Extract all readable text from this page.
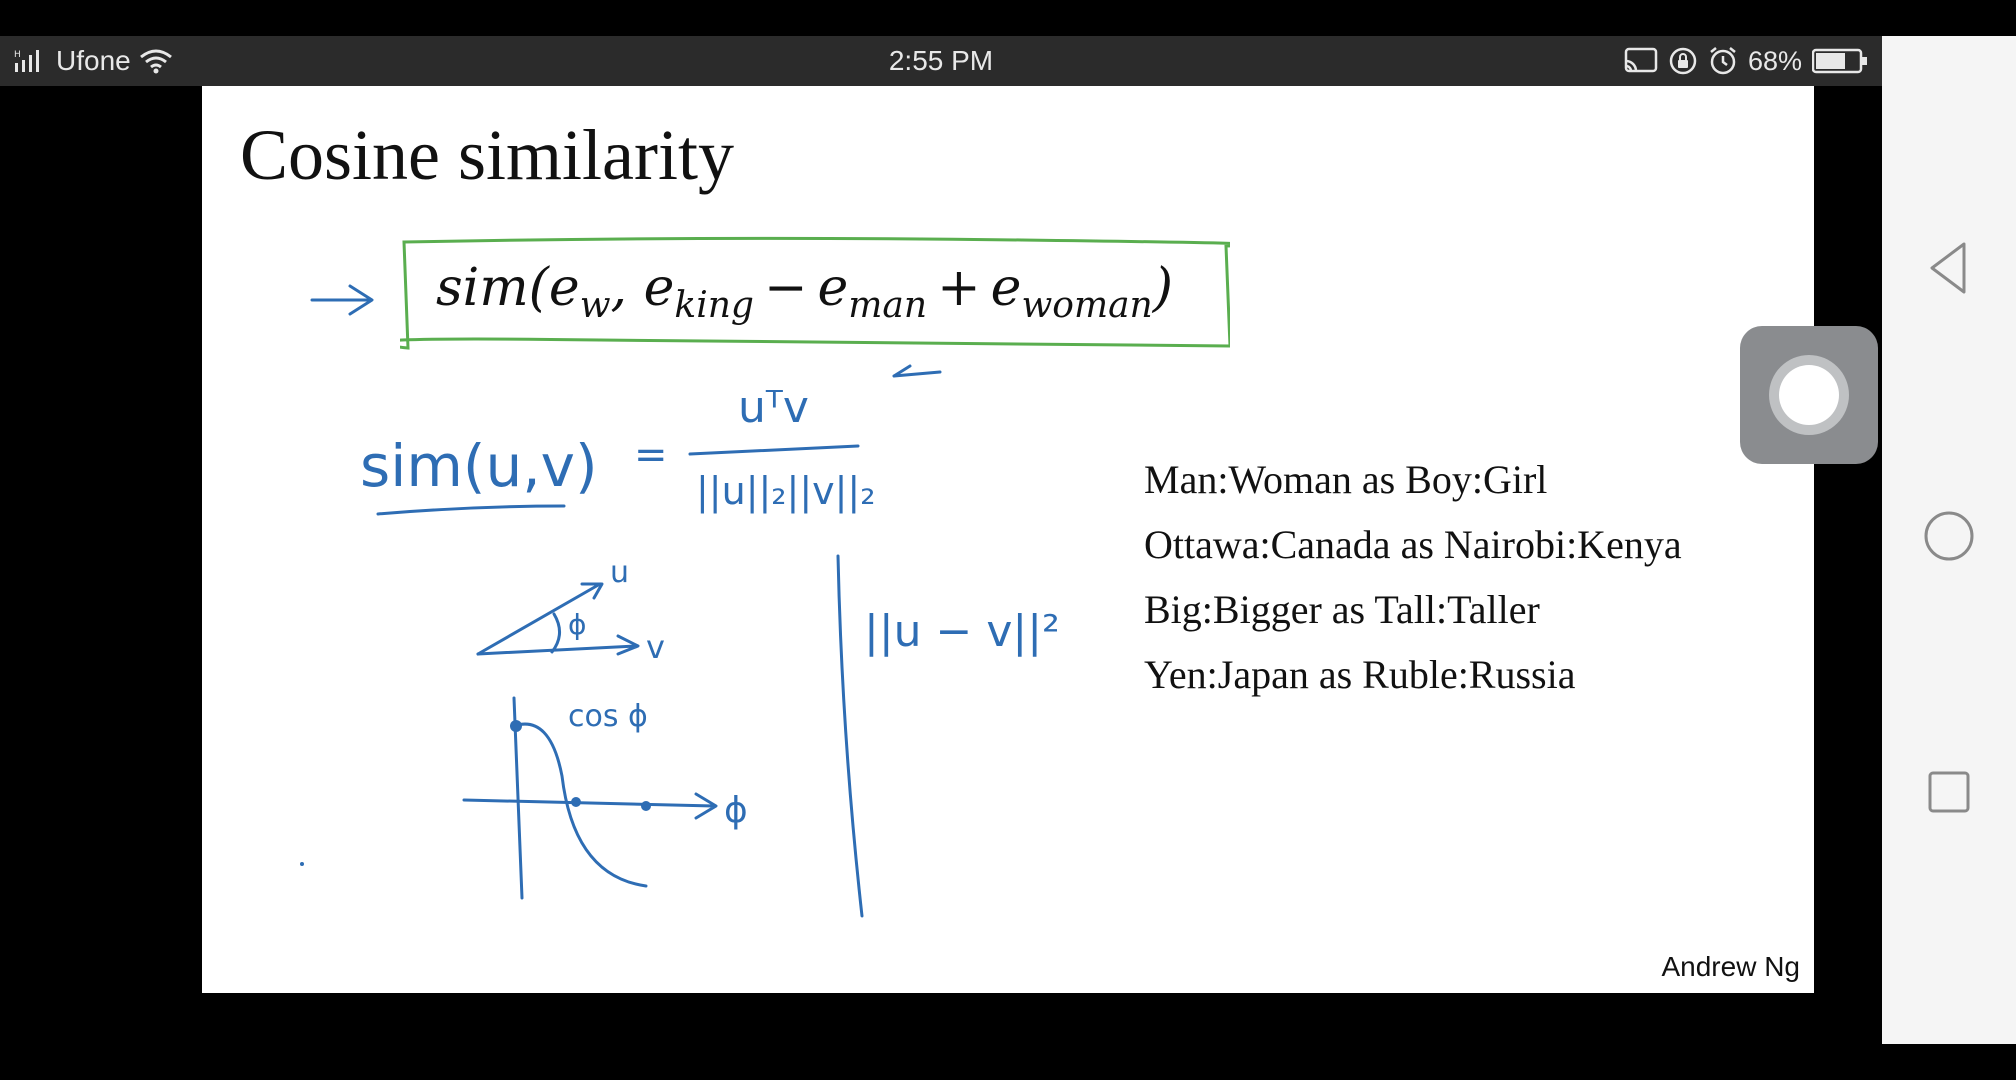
H Ufone	2:55 PM	68%
Cosine similarity
$sim(e_w$, $e_{king} - e_{man} + e_{woman}$)
sim(u,v) =
uᵀv
||u||₂||v||₂
u
v
ϕ
cos ϕ
ϕ
||u − v||²
Man:Woman as Boy:Girl
Ottawa:Canada as Nairobi:Kenya
Big:Bigger as Tall:Taller
Yen:Japan as Ruble:Russia
Andrew Ng
